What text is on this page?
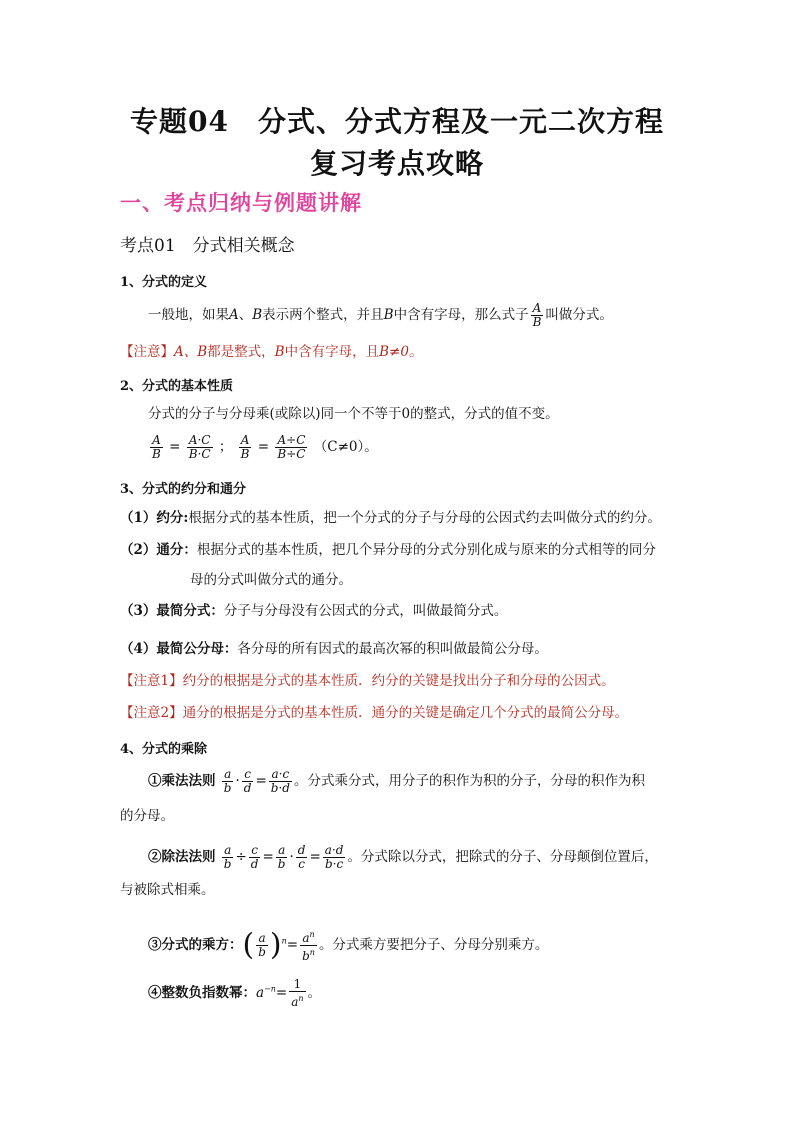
专题04　分式、分式方程及一元二次方程
复习考点攻略
一、考点归纳与例题讲解
考点01　分式相关概念
1、分式的定义
一般地，如果A、B表示两个整式，并且B中含有字母，那么式子 $\frac{A}{B}$ 叫做分式。
【注意】A、B都是整式，B中含有字母，且B≠0。
2、分式的基本性质
分式的分子与分母乘(或除以)同一个不等于0的整式，分式的值不变。
$\frac{A}{B} = \frac{A\cdot C}{B\cdot C}$ ； $\frac{A}{B} = \frac{A\div C}{B\div C} (C\ne 0)$。
3、分式的约分和通分
（1）约分:根据分式的基本性质，把一个分式的分子与分母的公因式约去叫做分式的约分。
（2）通分：根据分式的基本性质，把几个异分母的分式分别化成与原来的分式相等的同分
母的分式叫做分式的通分。
（3）最简分式：分子与分母没有公因式的分式，叫做最简分式。
（4）最简公分母：各分母的所有因式的最高次幂的积叫做最简公分母。
【注意1】约分的根据是分式的基本性质．约分的关键是找出分子和分母的公因式。
【注意2】通分的根据是分式的基本性质．通分的关键是确定几个分式的最简公分母。
4、分式的乘除
①乘法法则 $\frac{a}{b} \cdot \frac{c}{d} = \frac{a\cdot c}{b\cdot d}$ 。分式乘分式，用分子的积作为积的分子，分母的积作为积
的分母。
②除法法则 $\frac{a}{b} \div \frac{c}{d} = \frac{a}{b} \cdot \frac{d}{c} = \frac{a\cdot d}{b\cdot c}$ 。分式除以分式，把除式的分子、分母颠倒位置后，
与被除式相乘。
③分式的乘方：( $\frac{a}{b} )^n= \frac{a^n}{b^n}$ 。分式乘方要把分子、分母分别乘方。
④整数负指数幂：$a^{-n}= \frac{1}{a^n}$ 。
